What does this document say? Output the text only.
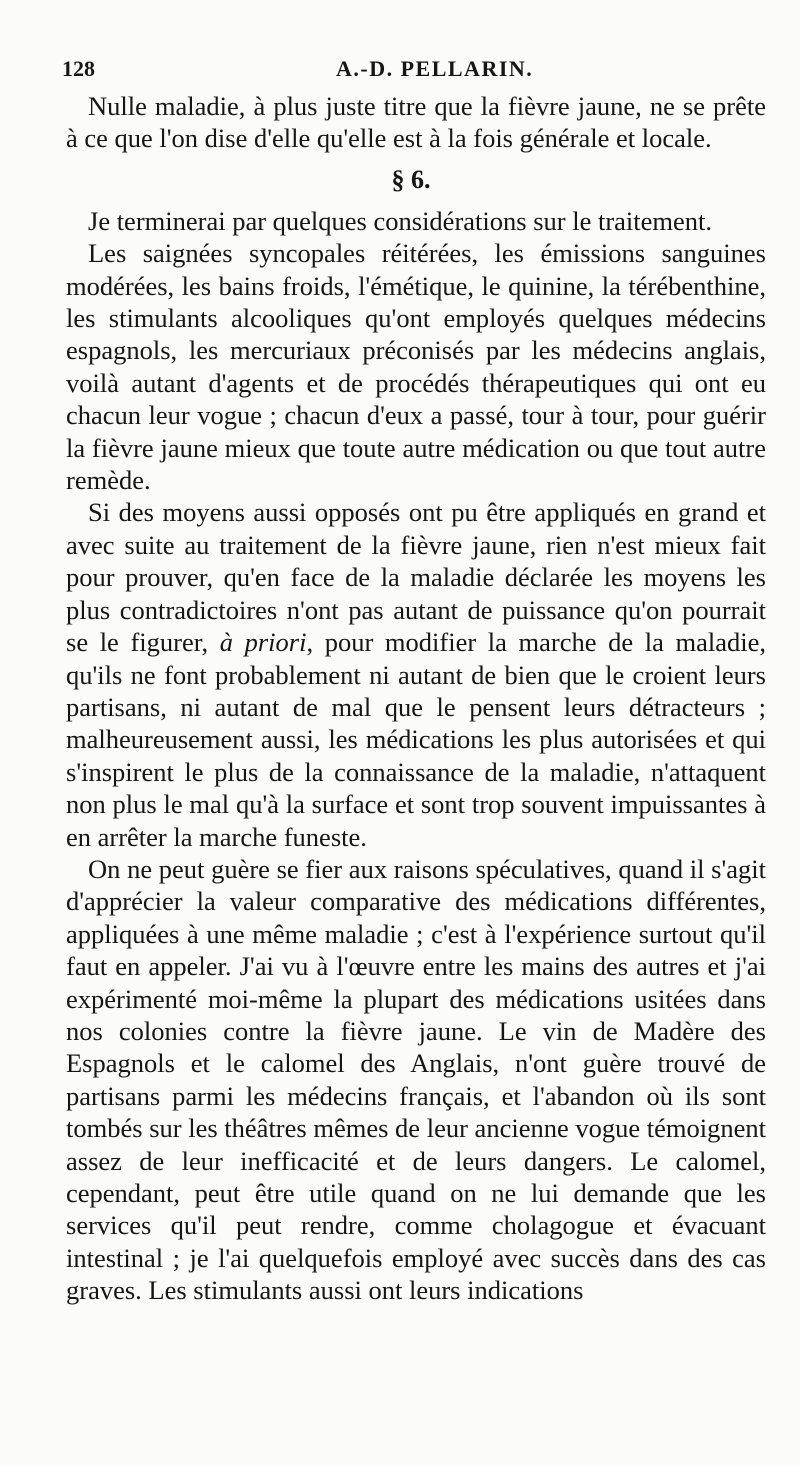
128	A.-D. PELLARIN.

Nulle maladie, à plus juste titre que la fièvre jaune, ne se prête à ce que l'on dise d'elle qu'elle est à la fois générale et locale.

§ 6.

Je terminerai par quelques considérations sur le traitement.

Les saignées syncopales réitérées, les émissions sanguines modérées, les bains froids, l'émétique, le quinine, la térébenthine, les stimulants alcooliques qu'ont employés quelques médecins espagnols, les mercuriaux préconisés par les médecins anglais, voilà autant d'agents et de procédés thérapeutiques qui ont eu chacun leur vogue ; chacun d'eux a passé, tour à tour, pour guérir la fièvre jaune mieux que toute autre médication ou que tout autre remède.

Si des moyens aussi opposés ont pu être appliqués en grand et avec suite au traitement de la fièvre jaune, rien n'est mieux fait pour prouver, qu'en face de la maladie déclarée les moyens les plus contradictoires n'ont pas autant de puissance qu'on pourrait se le figurer, à priori, pour modifier la marche de la maladie, qu'ils ne font probablement ni autant de bien que le croient leurs partisans, ni autant de mal que le pensent leurs détracteurs ; malheureusement aussi, les médications les plus autorisées et qui s'inspirent le plus de la connaissance de la maladie, n'attaquent non plus le mal qu'à la surface et sont trop souvent impuissantes à en arrêter la marche funeste.

On ne peut guère se fier aux raisons spéculatives, quand il s'agit d'apprécier la valeur comparative des médications différentes, appliquées à une même maladie ; c'est à l'expérience surtout qu'il faut en appeler. J'ai vu à l'œuvre entre les mains des autres et j'ai expérimenté moi-même la plupart des médications usitées dans nos colonies contre la fièvre jaune. Le vin de Madère des Espagnols et le calomel des Anglais, n'ont guère trouvé de partisans parmi les médecins français, et l'abandon où ils sont tombés sur les théâtres mêmes de leur ancienne vogue témoignent assez de leur inefficacité et de leurs dangers. Le calomel, cependant, peut être utile quand on ne lui demande que les services qu'il peut rendre, comme cholagogue et évacuant intestinal ; je l'ai quelquefois employé avec succès dans des cas graves. Les stimulants aussi ont leurs indications
